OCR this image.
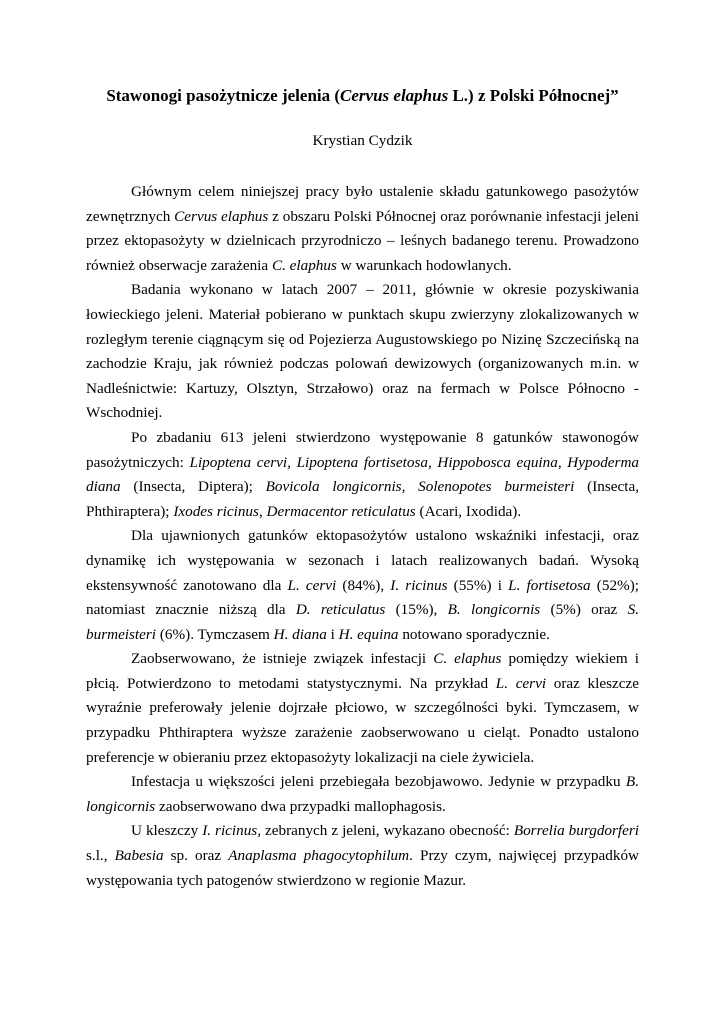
Stawonogi pasożytnicze jelenia (Cervus elaphus L.) z Polski Północnej”
Krystian Cydzik

Głównym celem niniejszej pracy było ustalenie składu gatunkowego pasożytów zewnętrznych Cervus elaphus z obszaru Polski Północnej oraz porównanie infestacji jeleni przez ektopasożyty w dzielnicach przyrodniczo – leśnych badanego terenu. Prowadzono również obserwacje zarażenia C. elaphus w warunkach hodowlanych.

Badania wykonano w latach 2007 – 2011, głównie w okresie pozyskiwania łowieckiego jeleni. Materiał pobierano w punktach skupu zwierzyny zlokalizowanych w rozległym terenie ciągnącym się od Pojezierza Augustowskiego po Nizinę Szczecińską na zachodzie Kraju, jak również podczas polowań dewizowych (organizowanych m.in. w Nadleśnictwie: Kartuzy, Olsztyn, Strzałowo) oraz na fermach w Polsce Północno - Wschodniej.

Po zbadaniu 613 jeleni stwierdzono występowanie 8 gatunków stawonogów pasożytniczych: Lipoptena cervi, Lipoptena fortisetosa, Hippobosca equina, Hypoderma diana (Insecta, Diptera); Bovicola longicornis, Solenopotes burmeisteri (Insecta, Phthiraptera); Ixodes ricinus, Dermacentor reticulatus (Acari, Ixodida).

Dla ujawnionych gatunków ektopasożytów ustalono wskaźniki infestacji, oraz dynamikę ich występowania w sezonach i latach realizowanych badań. Wysoką ekstensywność zanotowano dla L. cervi (84%), I. ricinus (55%) i L. fortisetosa (52%); natomiast znacznie niższą dla D. reticulatus (15%), B. longicornis (5%) oraz S. burmeisteri (6%). Tymczasem H. diana i H. equina notowano sporadycznie.

Zaobserwowano, że istnieje związek infestacji C. elaphus pomiędzy wiekiem i płcią. Potwierdzono to metodami statystycznymi. Na przykład L. cervi oraz kleszcze wyraźnie preferowały jelenie dojrzałe płciowo, w szczególności byki. Tymczasem, w przypadku Phthiraptera wyższe zarażenie zaobserwowano u cieląt. Ponadto ustalono preferencje w obieraniu przez ektopasożyty lokalizacji na ciele żywiciela.

Infestacja u większości jeleni przebiegała bezobjawowo. Jedynie w przypadku B. longicornis zaobserwowano dwa przypadki mallophagosis.

U kleszczy I. ricinus, zebranych z jeleni, wykazano obecność: Borrelia burgdorferi s.l., Babesia sp. oraz Anaplasma phagocytophilum. Przy czym, najwięcej przypadków występowania tych patogenów stwierdzono w regionie Mazur.
